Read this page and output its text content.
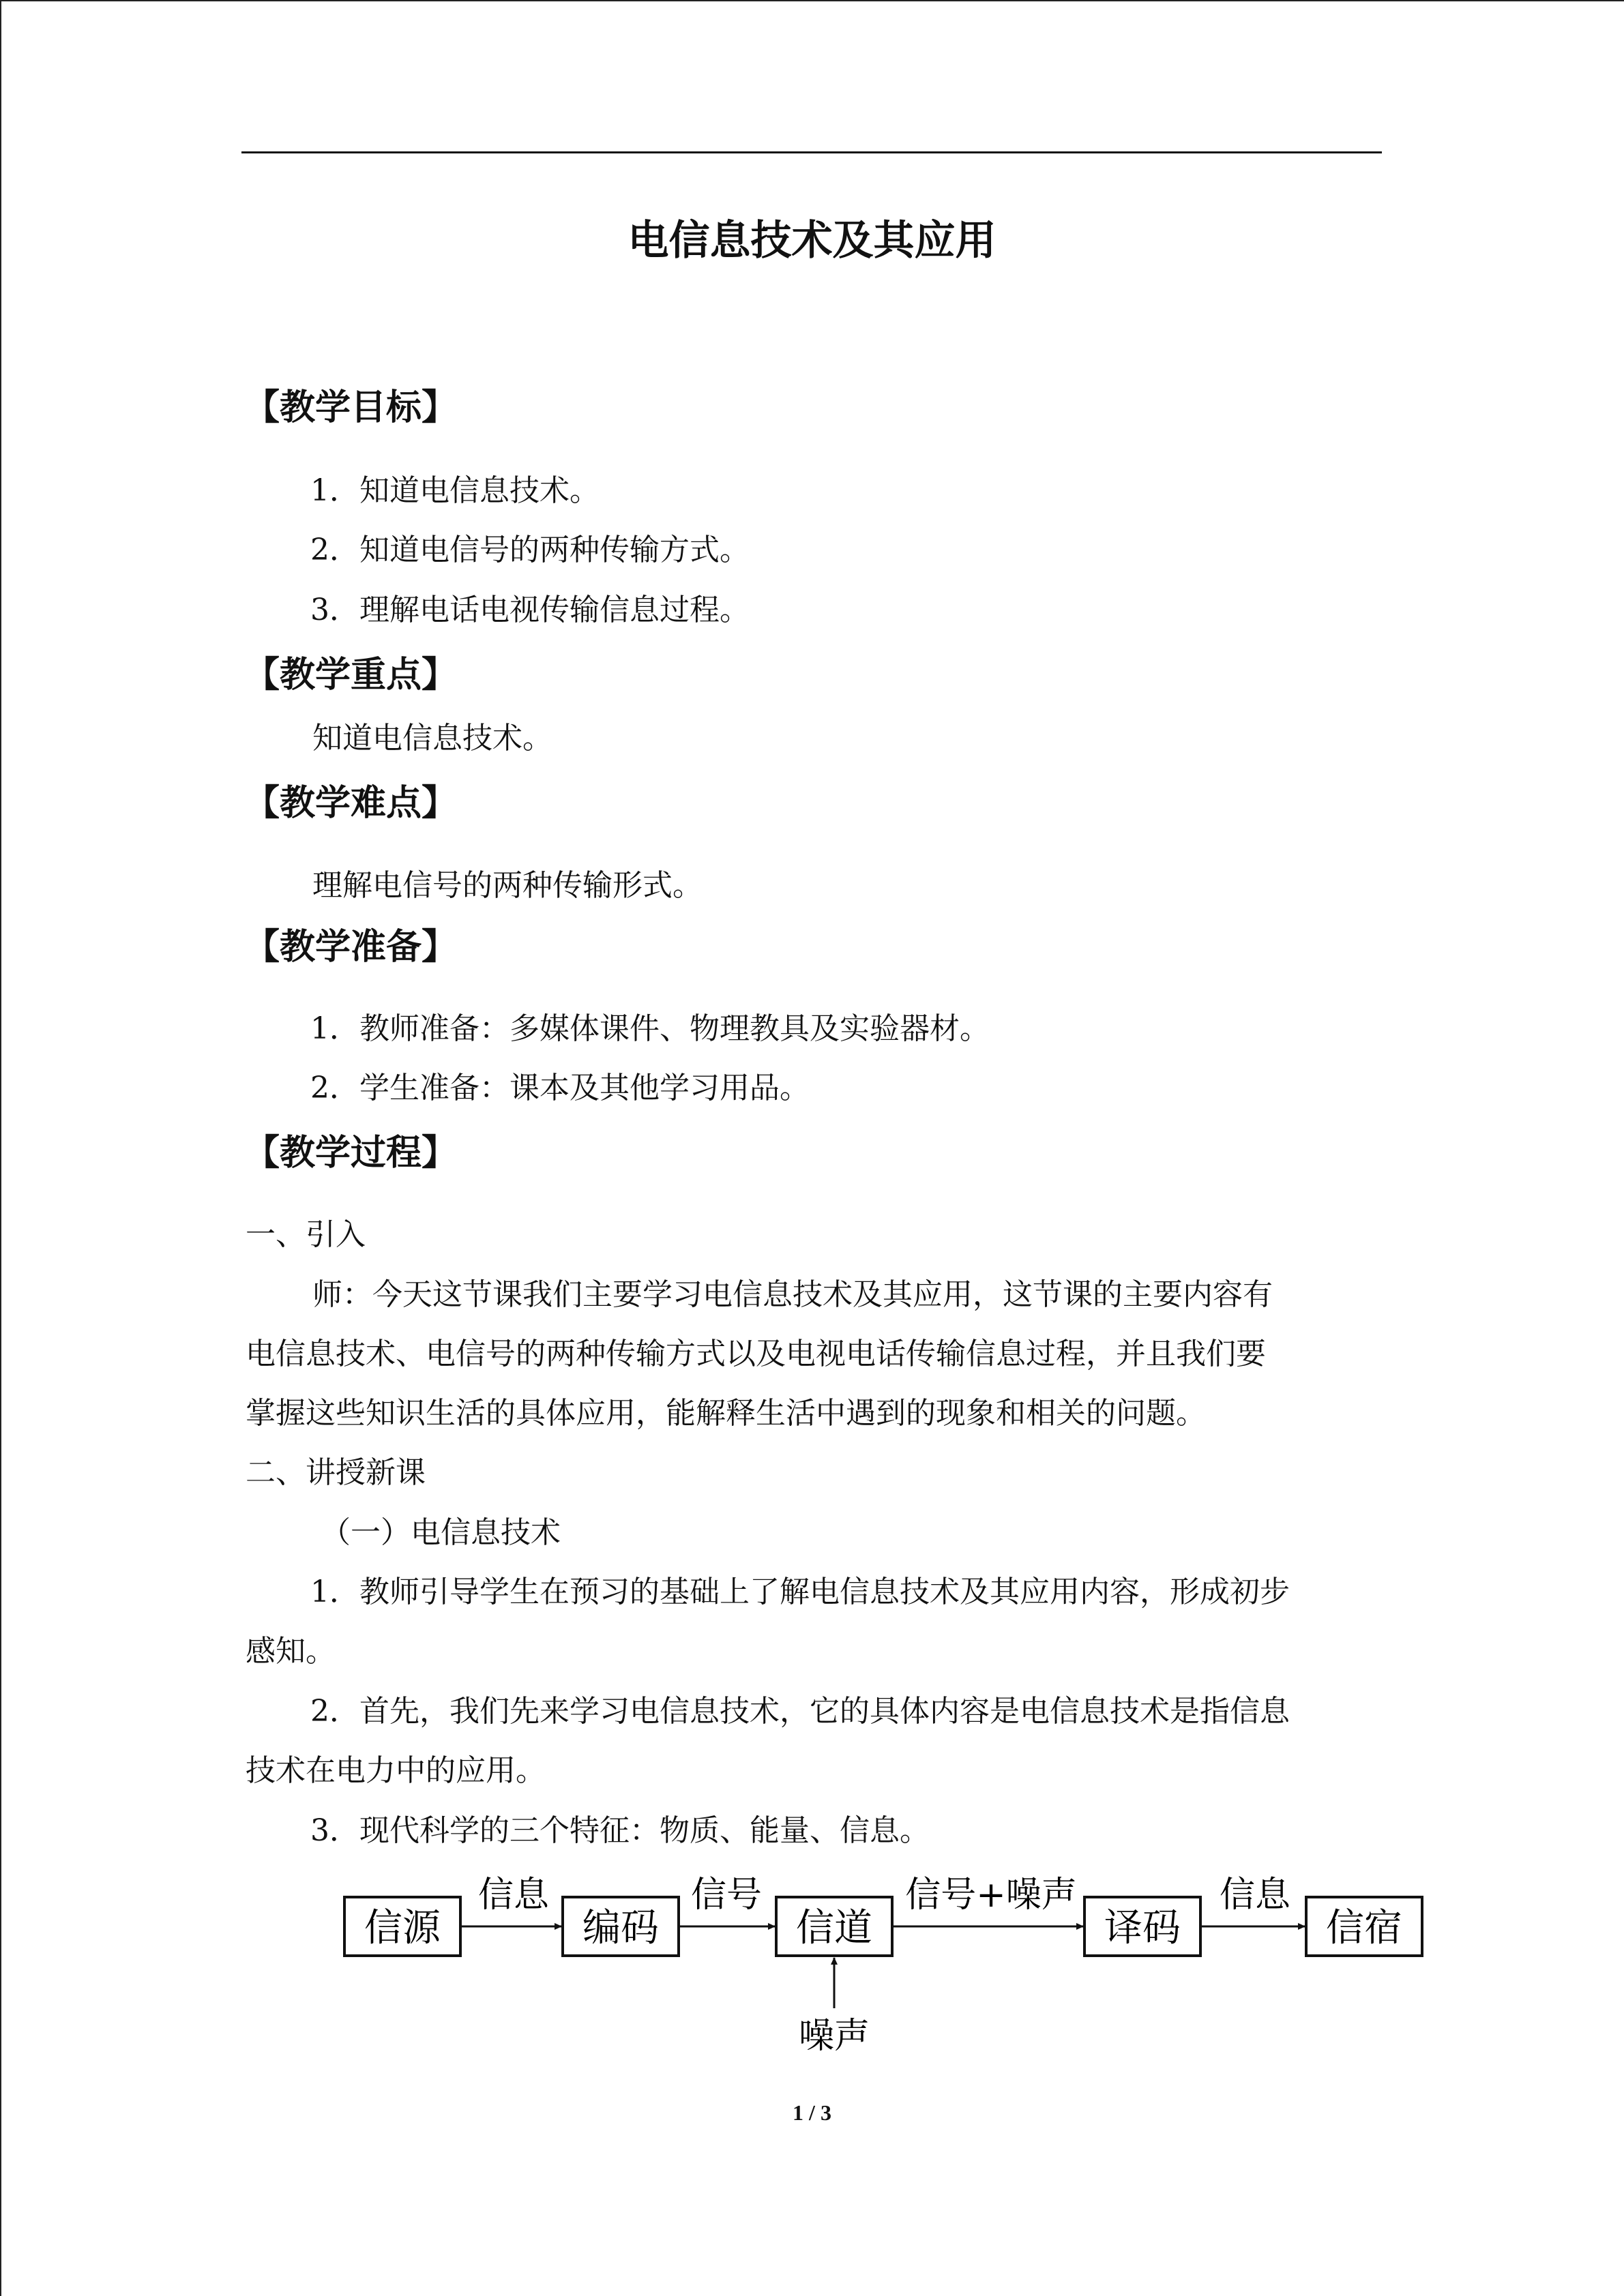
电信息技术及其应用
【教学目标】
1．知道电信息技术。
2．知道电信号的两种传输方式。
3．理解电话电视传输信息过程。
【教学重点】
知道电信息技术。
【教学难点】
理解电信号的两种传输形式。
【教学准备】
1．教师准备：多媒体课件、物理教具及实验器材。
2．学生准备：课本及其他学习用品。
【教学过程】
一、引入
师：今天这节课我们主要学习电信息技术及其应用，这节课的主要内容有
电信息技术、电信号的两种传输方式以及电视电话传输信息过程，并且我们要
掌握这些知识生活的具体应用，能解释生活中遇到的现象和相关的问题。
二、讲授新课
（一）电信息技术
1．教师引导学生在预习的基础上了解电信息技术及其应用内容，形成初步
感知。
2．首先，我们先来学习电信息技术，它的具体内容是电信息技术是指信息
技术在电力中的应用。
3．现代科学的三个特征：物质、能量、信息。
信源	编码	信道	译码	信宿
信息	信号	信号+噪声	信息
噪声
1 / 3
